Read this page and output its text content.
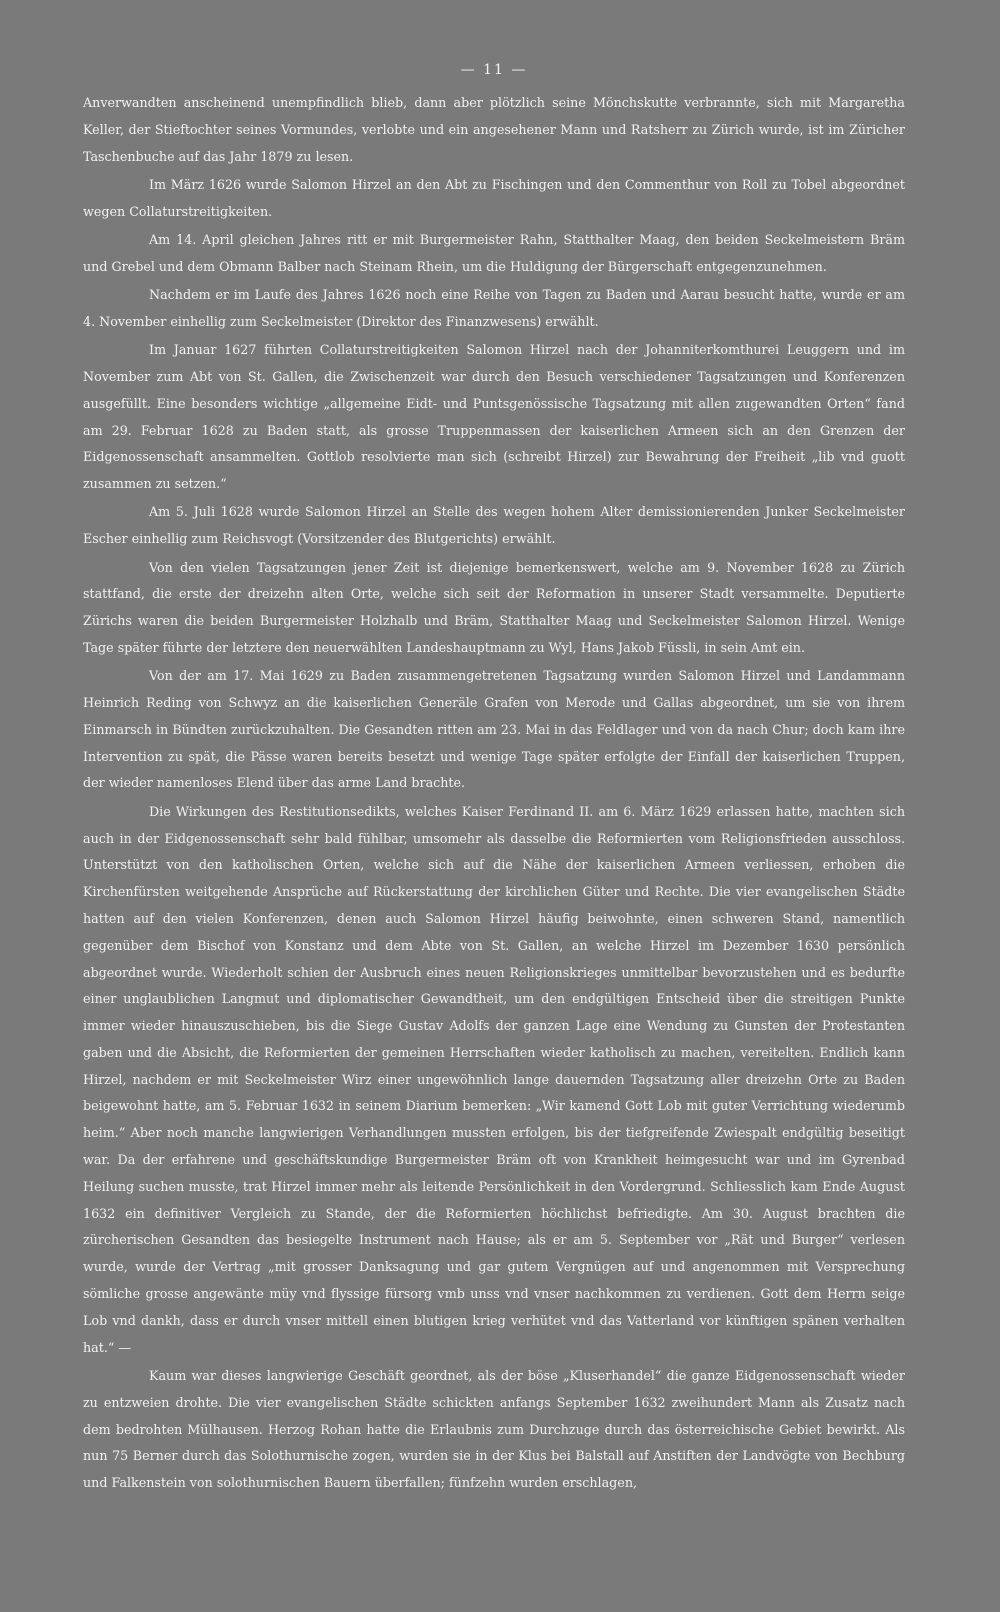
— 11 —

Anverwandten anscheinend unempfindlich blieb, dann aber plötzlich seine Mönchskutte verbrannte, sich mit Margaretha Keller, der Stieftochter seines Vormundes, verlobte und ein angesehener Mann und Ratsherr zu Zürich wurde, ist im Züricher Taschenbuche auf das Jahr 1879 zu lesen.

Im März 1626 wurde Salomon Hirzel an den Abt zu Fischingen und den Commenthur von Roll zu Tobel abgeordnet wegen Collaturstreitigkeiten.

Am 14. April gleichen Jahres ritt er mit Burgermeister Rahn, Statthalter Maag, den beiden Seckelmeistern Bräm und Grebel und dem Obmann Balber nach Steinam Rhein, um die Huldigung der Bürgerschaft entgegenzunehmen.

Nachdem er im Laufe des Jahres 1626 noch eine Reihe von Tagen zu Baden und Aarau besucht hatte, wurde er am 4. November einhellig zum Seckelmeister (Direktor des Finanzwesens) erwählt.

Im Januar 1627 führten Collaturstreitigkeiten Salomon Hirzel nach der Johanniterkomthurei Leuggern und im November zum Abt von St. Gallen, die Zwischenzeit war durch den Besuch verschiedener Tagsatzungen und Konferenzen ausgefüllt. Eine besonders wichtige „allgemeine Eidt- und Puntsgenössische Tagsatzung mit allen zugewandten Orten“ fand am 29. Februar 1628 zu Baden statt, als grosse Truppenmassen der kaiserlichen Armeen sich an den Grenzen der Eidgenossenschaft ansammelten. Gottlob resolvierte man sich (schreibt Hirzel) zur Bewahrung der Freiheit „lib vnd guott zusammen zu setzen.“

Am 5. Juli 1628 wurde Salomon Hirzel an Stelle des wegen hohem Alter demissionierenden Junker Seckelmeister Escher einhellig zum Reichsvogt (Vorsitzender des Blutgerichts) erwählt.

Von den vielen Tagsatzungen jener Zeit ist diejenige bemerkenswert, welche am 9. November 1628 zu Zürich stattfand, die erste der dreizehn alten Orte, welche sich seit der Reformation in unserer Stadt versammelte. Deputierte Zürichs waren die beiden Burgermeister Holzhalb und Bräm, Statthalter Maag und Seckelmeister Salomon Hirzel. Wenige Tage später führte der letztere den neuerwählten Landeshauptmann zu Wyl, Hans Jakob Füssli, in sein Amt ein.

Von der am 17. Mai 1629 zu Baden zusammengetretenen Tagsatzung wurden Salomon Hirzel und Landammann Heinrich Reding von Schwyz an die kaiserlichen Generäle Grafen von Merode und Gallas abgeordnet, um sie von ihrem Einmarsch in Bündten zurückzuhalten. Die Gesandten ritten am 23. Mai in das Feldlager und von da nach Chur; doch kam ihre Intervention zu spät, die Pässe waren bereits besetzt und wenige Tage später erfolgte der Einfall der kaiserlichen Truppen, der wieder namenloses Elend über das arme Land brachte.

Die Wirkungen des Restitutionsedikts, welches Kaiser Ferdinand II. am 6. März 1629 erlassen hatte, machten sich auch in der Eidgenossenschaft sehr bald fühlbar, umsomehr als dasselbe die Reformierten vom Religionsfrieden ausschloss. Unterstützt von den katholischen Orten, welche sich auf die Nähe der kaiserlichen Armeen verliessen, erhoben die Kirchenfürsten weitgehende Ansprüche auf Rückerstattung der kirchlichen Güter und Rechte. Die vier evangelischen Städte hatten auf den vielen Konferenzen, denen auch Salomon Hirzel häufig beiwohnte, einen schweren Stand, namentlich gegenüber dem Bischof von Konstanz und dem Abte von St. Gallen, an welche Hirzel im Dezember 1630 persönlich abgeordnet wurde. Wiederholt schien der Ausbruch eines neuen Religionskrieges unmittelbar bevorzustehen und es bedurfte einer unglaublichen Langmut und diplomatischer Gewandtheit, um den endgültigen Entscheid über die streitigen Punkte immer wieder hinauszuschieben, bis die Siege Gustav Adolfs der ganzen Lage eine Wendung zu Gunsten der Protestanten gaben und die Absicht, die Reformierten der gemeinen Herrschaften wieder katholisch zu machen, vereitelten. Endlich kann Hirzel, nachdem er mit Seckelmeister Wirz einer ungewöhnlich lange dauernden Tagsatzung aller dreizehn Orte zu Baden beigewohnt hatte, am 5. Februar 1632 in seinem Diarium bemerken: „Wir kamend Gott Lob mit guter Verrichtung wiederumb heim.“ Aber noch manche langwierigen Verhandlungen mussten erfolgen, bis der tiefgreifende Zwiespalt endgültig beseitigt war. Da der erfahrene und geschäftskundige Burgermeister Bräm oft von Krankheit heimgesucht war und im Gyrenbad Heilung suchen musste, trat Hirzel immer mehr als leitende Persönlichkeit in den Vordergrund. Schliesslich kam Ende August 1632 ein definitiver Vergleich zu Stande, der die Reformierten höchlichst befriedigte. Am 30. August brachten die zürcherischen Gesandten das besiegelte Instrument nach Hause; als er am 5. September vor „Rät und Burger“ verlesen wurde, wurde der Vertrag „mit grosser Danksagung und gar gutem Vergnügen auf und angenommen mit Versprechung sömliche grosse angewänte müy vnd flyssige fürsorg vmb unss vnd vnser nachkommen zu verdienen. Gott dem Herrn seige Lob vnd dankh, dass er durch vnser mittell einen blutigen krieg verhütet vnd das Vatterland vor künftigen spänen verhalten hat.“ —

Kaum war dieses langwierige Geschäft geordnet, als der böse „Kluserhandel“ die ganze Eidgenossenschaft wieder zu entzweien drohte. Die vier evangelischen Städte schickten anfangs September 1632 zweihundert Mann als Zusatz nach dem bedrohten Mülhausen. Herzog Rohan hatte die Erlaubnis zum Durchzuge durch das österreichische Gebiet bewirkt. Als nun 75 Berner durch das Solothurnische zogen, wurden sie in der Klus bei Balstall auf Anstiften der Landvögte von Bechburg und Falkenstein von solothurnischen Bauern überfallen; fünfzehn wurden erschlagen,
